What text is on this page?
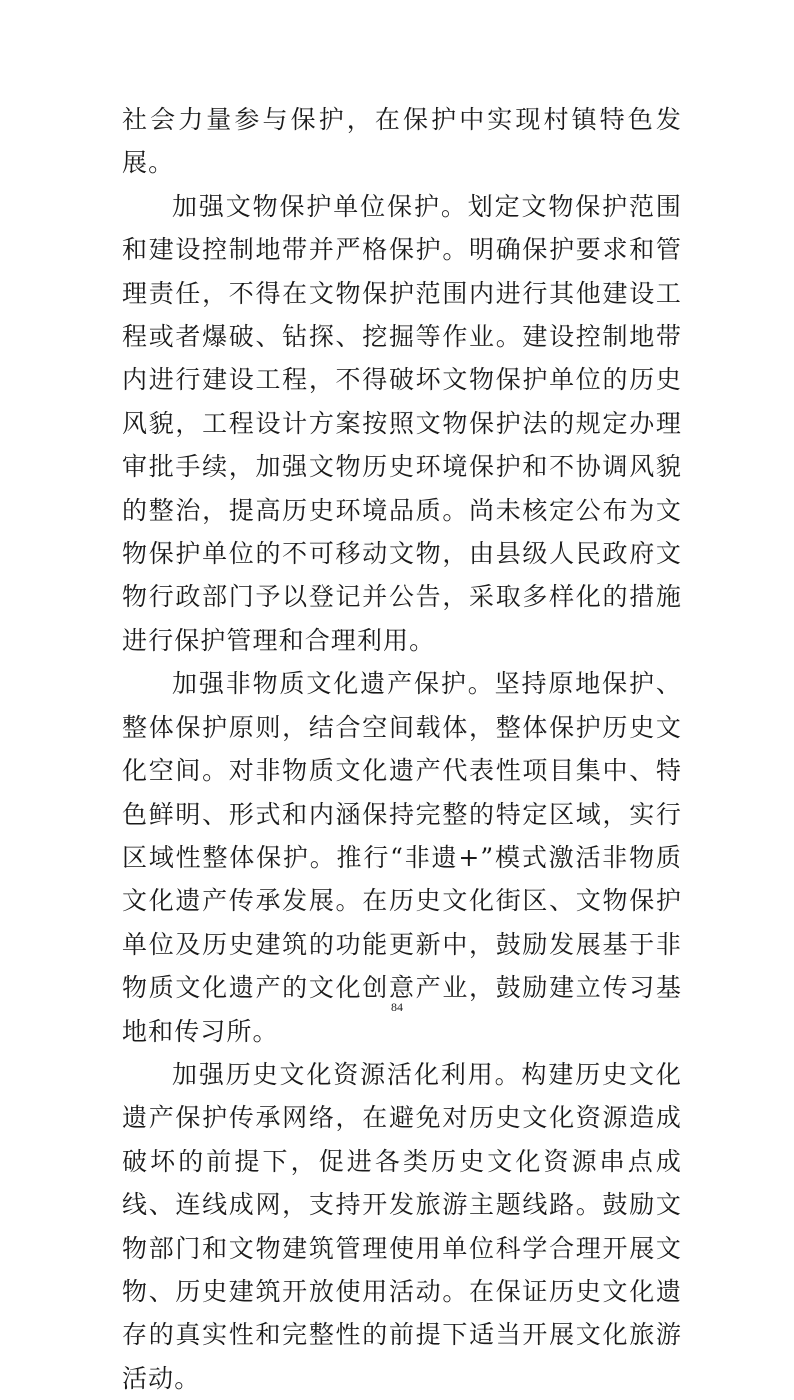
社会力量参与保护，在保护中实现村镇特色发展。

加强文物保护单位保护。划定文物保护范围和建设控制地带并严格保护。明确保护要求和管理责任，不得在文物保护范围内进行其他建设工程或者爆破、钻探、挖掘等作业。建设控制地带内进行建设工程，不得破坏文物保护单位的历史风貌，工程设计方案按照文物保护法的规定办理审批手续，加强文物历史环境保护和不协调风貌的整治，提高历史环境品质。尚未核定公布为文物保护单位的不可移动文物，由县级人民政府文物行政部门予以登记并公告，采取多样化的措施进行保护管理和合理利用。

加强非物质文化遗产保护。坚持原地保护、整体保护原则，结合空间载体，整体保护历史文化空间。对非物质文化遗产代表性项目集中、特色鲜明、形式和内涵保持完整的特定区域，实行区域性整体保护。推行“非遗+”模式激活非物质文化遗产传承发展。在历史文化街区、文物保护单位及历史建筑的功能更新中，鼓励发展基于非物质文化遗产的文化创意产业，鼓励建立传习基地和传习所。

加强历史文化资源活化利用。构建历史文化遗产保护传承网络，在避免对历史文化资源造成破坏的前提下，促进各类历史文化资源串点成线、连线成网，支持开发旅游主题线路。鼓励文物部门和文物建筑管理使用单位科学合理开展文物、历史建筑开放使用活动。在保证历史文化遗存的真实性和完整性的前提下适当开展文化旅游活动。

84
